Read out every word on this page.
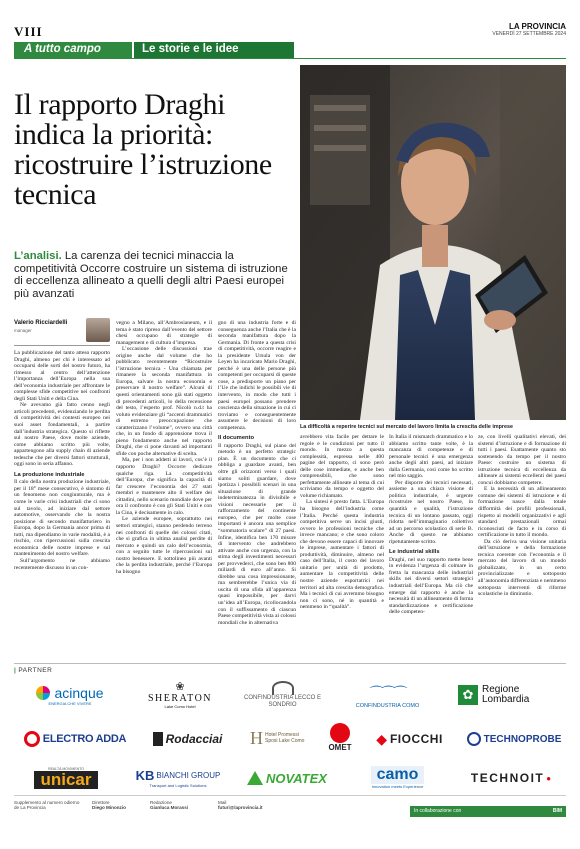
VIII	LA PROVINCIA
VENERDÌ 27 SETTEMBRE 2024
A tutto campo	Le storie e le idee
Il rapporto Draghi indica la priorità: ricostruire l’istruzione tecnica
La difficoltà a reperire tecnici sul mercato del lavoro limita la crescita delle imprese
L’analisi. La carenza dei tecnici minaccia la competitività Occorre costruire un sistema di istruzione di eccellenza allineato a quelli degli altri Paesi europei più avanzati
Valerio Ricciardelli
manager

La pubblicazione del tanto atteso rapporto Draghi, almeno per chi è interessato ad occuparsi delle sorti del nostro futuro, ha rimesso al centro dell’attenzione l’importanza dell’Europa nella sua dell’economia industriale per affrontare le complesse sfide competitive nei confronti degli Stati Uniti e della Cina.

Ne avevamo già fatto cenno negli articoli precedenti, evidenziando le perdita di competitività dei contesti europeo nei suoi asset fondamentali, a partire dall’industria strategica. Questo si riflette sul nostro Paese, dove molte aziende, come abbiamo scritto più volte, appartengono alla supply chain di aziende tedesche che per diversi fattori strutturali, oggi sono in seria affanno.

La produzione industriale

Il calo della nostra produzione industriale, per il 18° mese consecutivo, è sintomo di un fenomeno non congiunturale, ma è come le varie crisi industriali che ci sono sul tavolo, ad iniziare dal settore automotive, osservando che la nostra posizione di secondo manifatturiero in Europa, dopo la Germania ancor prima di tutti, ma dipendiamo in varie modalità, è a rischio, con ripercussioni sulla crescita economica delle nostre imprese e sul mantenimento del nostro welfare.

Sull’argomento ne abbiamo recentemente discusso in un con-

vegno a Milano, all’Ambrosianeum, e il tema è stato ripreso dall’evento del settore chesi occupano di strategie di management e di cultura d’impresa.

L’occasione delle discussioni trae origine anche dal volume che ho pubblicato recentemente “Ricostruire l’istruzione tecnica - Una chiamata per rimanere la seconda manifattura in Europa, salvare la nostra economia e preservare il nostro welfare”. Alcuni di questi orientamenti sono già stati oggetto di precedenti articoli, lo della recensione del testo, l’esperto prof. Nicolò n.d.t ha voluto evidenziare gli “accenti drammatici di estremo preoccupazione che caratterizzano l’volume”, ovvero una città che, in un fondo di apprensione trova il pieno fondamento anche nel rapporto Draghi, che ci pone davanti ad importanti sfide con poche alternative di scelta.

Ma, per i non addetti ai lavori, cos’è il rapporto Draghi? Occorre dedicare qualche riga. La competitività dell’Europa, che significa la capacità di far crescere l’economia dei 27 stati membri e mantenere alto il welfare dei cittadini, nello scenario mondiale dove per ora il confronto è con gli Stati Uniti e con la Cina, è decisamente in calo.

Le aziende europee, soprattutto nei settori strategici, stanno perdendo terreno nei confronti di quelle dei colossi citati, che si grafica in ultima analisi perdite di mercato e quindi un calo dell’economia, con a seguito tutte le ripercussioni sul nostro benessere. E sottolineo più avanti che la perdita industriale, perché l’Europa ha bisogno

gno di una industria forte e di conseguenza anche l’Italia che è la seconda manifattura dopo la Germania. Di fronte a questa crisi di competitività, occorre reagire e la presidente Ursula von der Leyen ha incaricato Mario Draghi, perché è una delle persone più competenti per occuparsi di queste cose, a predisporre un piano per l’Ue che indichi le possibili vie di intervento, in modo che tutti i paesi europei possano prendere coscienza della situazione in cui ci troviamo e conseguentemente assumere le decisioni di loro competenza.

Il documento

Il rapporto Draghi, sul piano del metodo è un perfetto strategic plan. È un documento che ci obbliga a guardare avanti, ben oltre gli orizzonti verso i quali siamo soliti guardare, dove ipotizza i possibili scenari in una situazione di grande indeterminatezza in divisibile e visioni necessarie per il rafforzamento del continente europeo, che per molte cose importanti è ancora una semplice “sommatoria scalare” di 27 paesi. Infine, identifica ben 170 misure di intervento che andrebbero attivate anche con urgenza, con la stima degli investimenti necessari per provvederci, che sono ben 800 miliardi di euro all’anno. Si direbbe una cosa impressionante, ma sembrerebbe l’unica via di uscita di una sfida all’apparenza quasi impossibile, per darvi un’idea all’Europa, ricollocandola con il suffissamento di ciascun Paese competitività vista ai colossi mondiali che in alternativa

avrebbero vita facile per dettare le regole e le condizioni per tutto il mondo. In mezzo a questa complessità, espressa nelle 400 pagine del rapporto, ci sono però delle cose immediate, e anche ben comprensibili, che sono perfettamente allineate al tema di cui scriviamo da tempo e oggetto del volume richiamato.

La sintesi è presto fatta. L’Europa ha bisogno dell’industria come l’Italia. Perché questa industria competitiva serve un incisi giusti, ovvero le professioni tecniche che invece mancano; e che sono coloro che devono essere capaci di innovare le imprese, aumentare i fattori di produttività, diminuire, almeno nel caso dell’Italia, il costo del lavoro unitario per unità di prodotto, aumentare la competitività delle nostre aziende esportatrici nei territori ad alta crescita demografica. Ma i tecnici di cui avremmo bisogno non ci sono, né in quantità e nemmeno in “qualità”.

In Italia il mismatch drammatico e lo abbiamo scritto tante volte, è la mancanza di competenze e di personale tecnici è una emergenza anche degli altri paesi, ad iniziare dalla Germania, così come ho scritto nel mio saggio.

Per disporre dei tecnici necessari, assieme a una chiara visione di politica industriale, è urgente ricostruire nel nostro Paese, in quantità e qualità, l’istruzione tecnica di un lontano passato, oggi ridotta nell’immaginario collettivo ad un percorso scolastico di serie B. Anche di questo ne abbiamo ripetutamente scritto.

Le industrial skills

Draghi, nel suo rapporto mette bene in evidenza l’urgenza di colmare in fretta la mancanza delle industrial skills nei diversi settori strategici industriali dell’Europa. Ma ciò che emerge dal rapporto è anche la necessità di un allineamento di forma standardizzazione e certificazione delle competen-

ze, con livelli qualitativi elevati, dei sistemi d’istruzione e di formazione di tutti i paesi. Esattamente quanto sto sostenendo da tempo per il nostro Paese: costruire un sistema di istruzione tecnica di eccellenza da allineare ai sistemi eccellenti dei paesi concui dobbiamo competere.

E la necessità di un allineamento comune dei sistemi di istruzione e di formazione nasce dalla totale difformità dei profili professionali, rispetto ai modelli organizzativi e agli standard prestazionali ormai riconosciuti de facto e in corso di certificazione in tutto il mondo.

Da ciò deriva una visione unitaria dell’istruzione e della formazione tecnica coerente con l’economia e il mercato del lavoro di un mondo globalizzato, in un certo provincializzate e sottoposto all’autonomia differenziata e nemmeno sottoposta interventi di riforme scolastiche in diminutio.

| PARTNER
acinque
ENERGIA CHE VIVERE
❀
SHERATON
Lake Como Hotel
CONFINDUSTRIA LECCO E SONDRIO
⌒⌒⌒
CONFINDUSTRIA COMO
✿ Regione Lombardia
ELECTRO ADDA	Rodacciai H Hotel Promessi Sposi Lake Como
OMET
◆ FIOCCHI	TECHNOPROBE
REALTÀ MOVIMENTO
unicar	KB BIANCHI GROUP
Transport and Logistic Solutions	NOVATEX	camo
Innovation meets Experience
TECHNOIT ●
Supplemento al numero odierno de La Provincia
Direttore
Diego Minonzio
Redazione
Gianluca Morassi
Mail
futuri@laprovincia.it
In collaborazione con	BIM
